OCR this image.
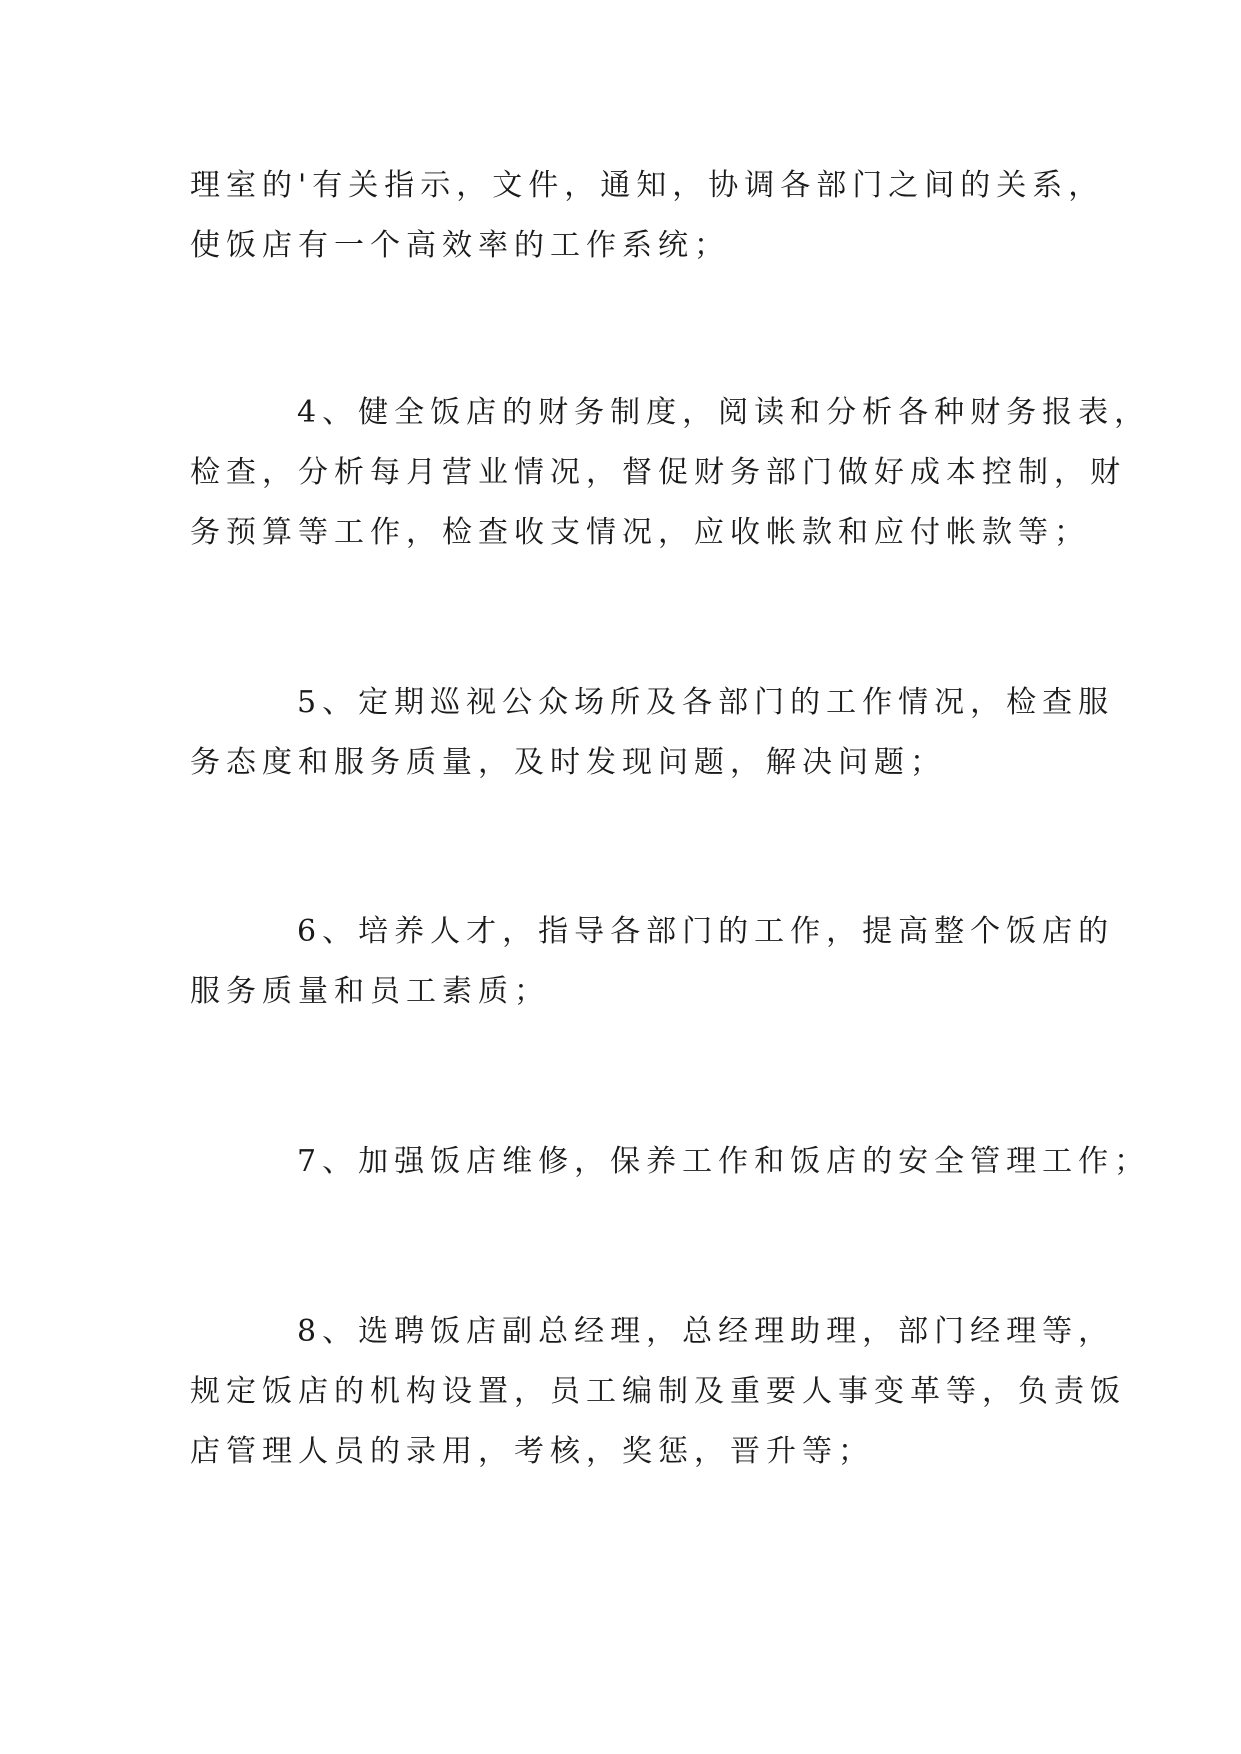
理室的'有关指示，文件，通知，协调各部门之间的关系，
使饭店有一个高效率的工作系统；
4、健全饭店的财务制度，阅读和分析各种财务报表，
检查，分析每月营业情况，督促财务部门做好成本控制，财
务预算等工作，检查收支情况，应收帐款和应付帐款等；
5、定期巡视公众场所及各部门的工作情况，检查服
务态度和服务质量，及时发现问题，解决问题；
6、培养人才，指导各部门的工作，提高整个饭店的
服务质量和员工素质；
7、加强饭店维修，保养工作和饭店的安全管理工作；
8、选聘饭店副总经理，总经理助理，部门经理等，
规定饭店的机构设置，员工编制及重要人事变革等，负责饭
店管理人员的录用，考核，奖惩，晋升等；
